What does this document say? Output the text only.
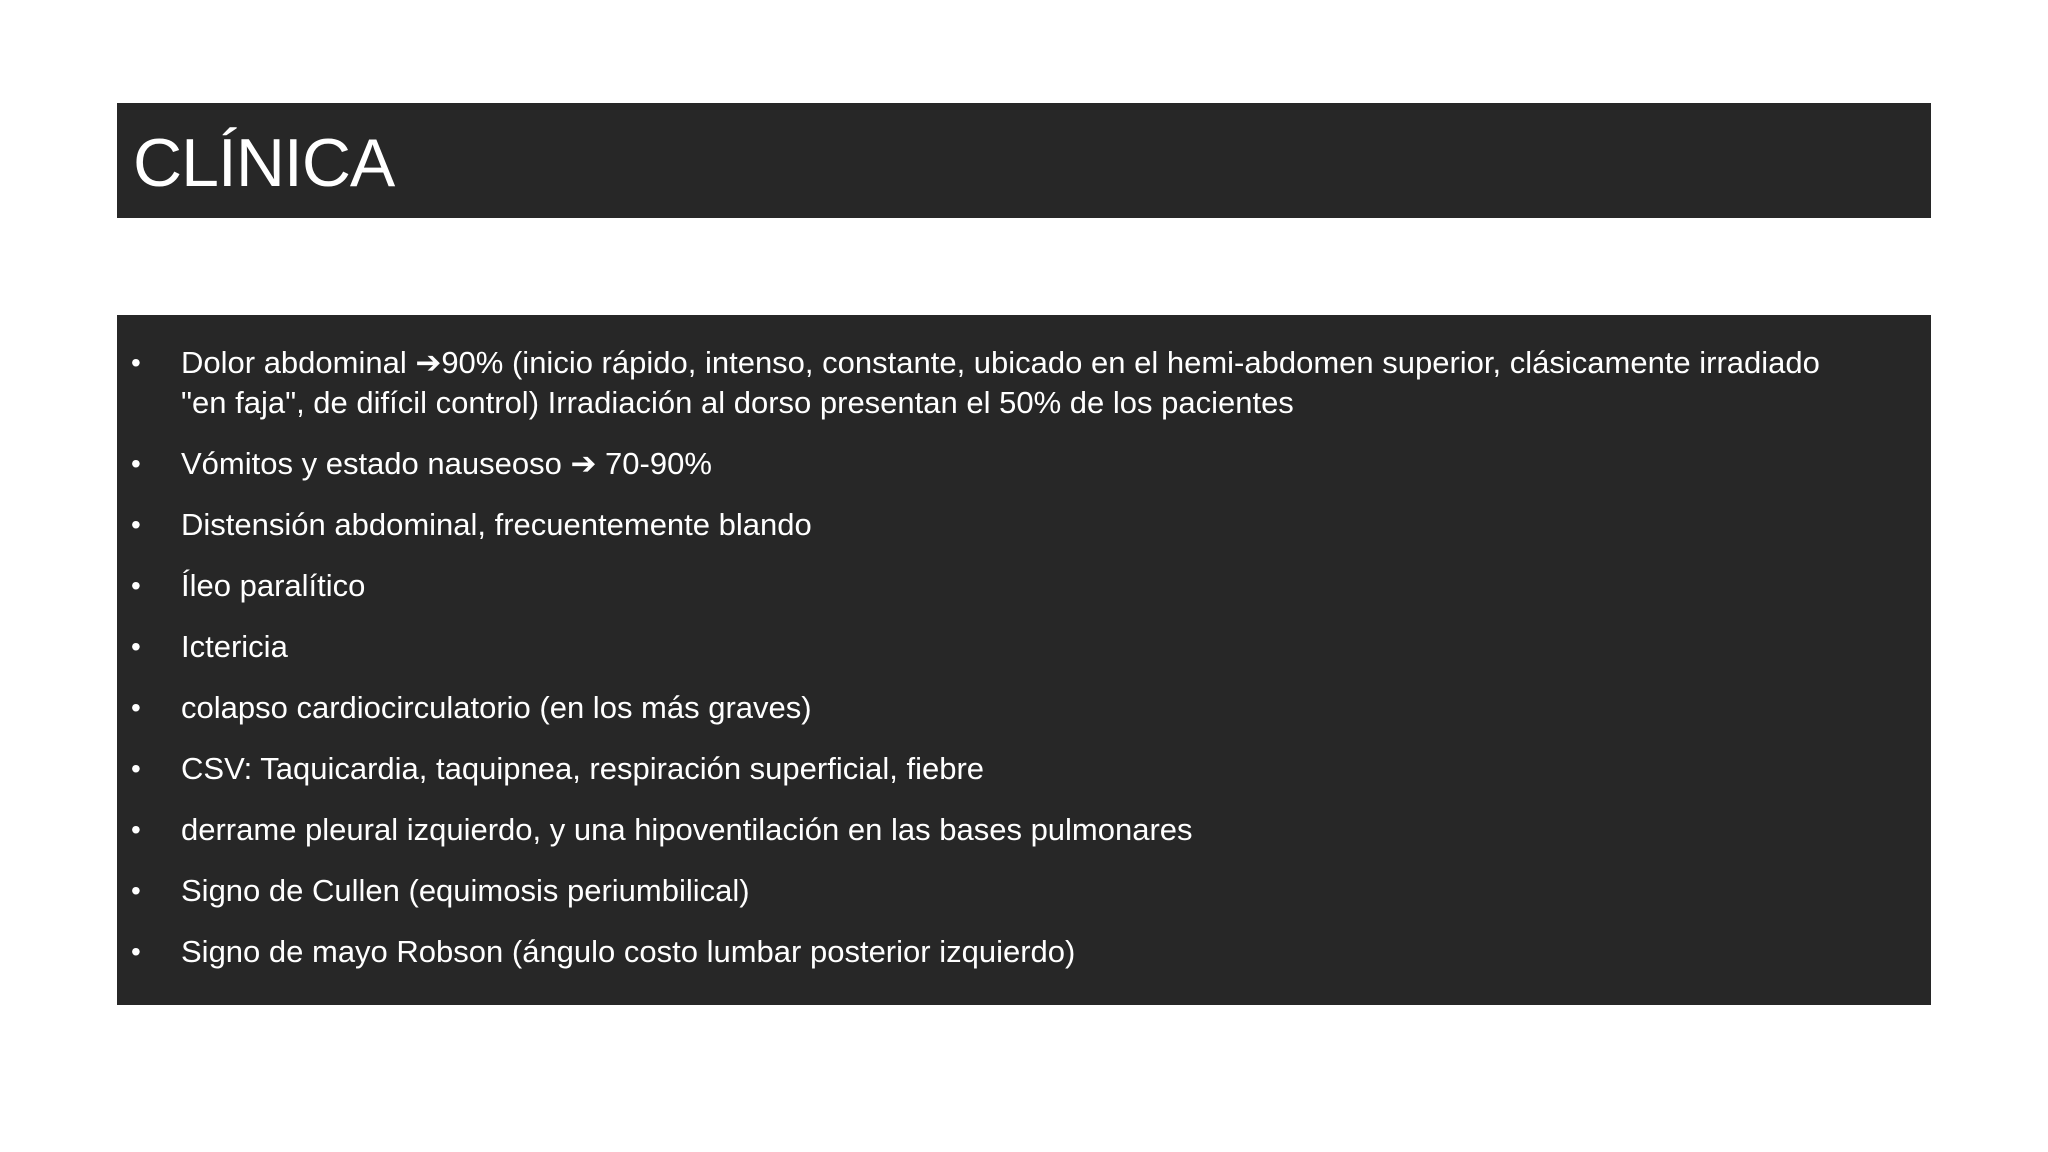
CLÍNICA
•	Dolor abdominal ➔90% (inicio rápido, intenso, constante, ubicado en el hemi-abdomen superior, clásicamente irradiado "en faja", de difícil control) Irradiación al dorso presentan el 50% de los pacientes
•	Vómitos y estado nauseoso ➔ 70-90%
•	Distensión abdominal, frecuentemente blando
•	Íleo paralítico
•	Ictericia
•	colapso cardiocirculatorio (en los más graves)
•	CSV: Taquicardia, taquipnea, respiración superficial, fiebre
•	derrame pleural izquierdo, y una hipoventilación en las bases pulmonares
•	Signo de Cullen (equimosis periumbilical)
•	Signo de mayo Robson (ángulo costo lumbar posterior izquierdo)
